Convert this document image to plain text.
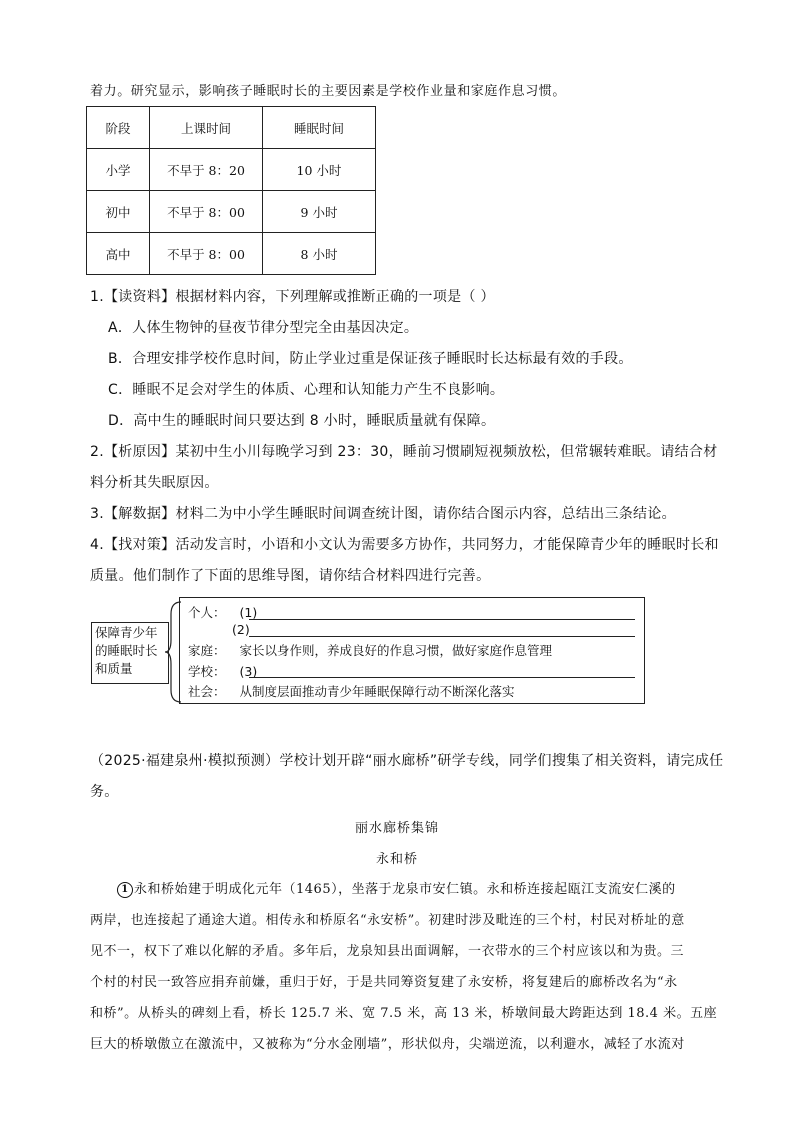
着力。研究显示，影响孩子睡眠时长的主要因素是学校作业量和家庭作息习惯。

阶段	上课时间	睡眠时间
小学	不早于 8：20	10 小时
初中	不早于 8：00	9 小时
高中	不早于 8：00	8 小时

1.【读资料】根据材料内容，下列理解或推断正确的一项是（ ）

A．人体生物钟的昼夜节律分型完全由基因决定。

B．合理安排学校作息时间，防止学业过重是保证孩子睡眠时长达标最有效的手段。

C．睡眠不足会对学生的体质、心理和认知能力产生不良影响。

D．高中生的睡眠时间只要达到 8 小时，睡眠质量就有保障。

2.【析原因】某初中生小川每晚学习到 23：30，睡前习惯刷短视频放松，但常辗转难眠。请结合材

料分析其失眠原因。

3.【解数据】材料二为中小学生睡眠时间调查统计图，请你结合图示内容，总结出三条结论。

4.【找对策】活动发言时，小语和小文认为需要多方协作，共同努力，才能保障青少年的睡眠时长和

质量。他们制作了下面的思维导图，请你结合材料四进行完善。

保障青少年
的睡眠时长
和质量
个人： (1)
(2)
家庭： 家长以身作则，养成良好的作息习惯，做好家庭作息管理
学校： (3)
社会： 从制度层面推动青少年睡眠保障行动不断深化落实

（2025·福建泉州·模拟预测）学校计划开辟“丽水廊桥”研学专线，同学们搜集了相关资料，请完成任

务。

丽水廊桥集锦
永和桥
1 永和桥始建于明成化元年（1465），坐落于龙泉市安仁镇。永和桥连接起瓯江支流安仁溪的
两岸，也连接起了通途大道。相传永和桥原名“永安桥”。初建时涉及毗连的三个村，村民对桥址的意
见不一，权下了难以化解的矛盾。多年后，龙泉知县出面调解，一衣带水的三个村应该以和为贵。三
个村的村民一致答应捐弃前嫌，重归于好，于是共同筹资复建了永安桥，将复建后的廊桥改名为“永
和桥”。从桥头的碑刻上看，桥长 125.7 米、宽 7.5 米，高 13 米，桥墩间最大跨距达到 18.4 米。五座
巨大的桥墩傲立在激流中，又被称为“分水金刚墙”，形状似舟，尖端逆流，以利避水，减轻了水流对
